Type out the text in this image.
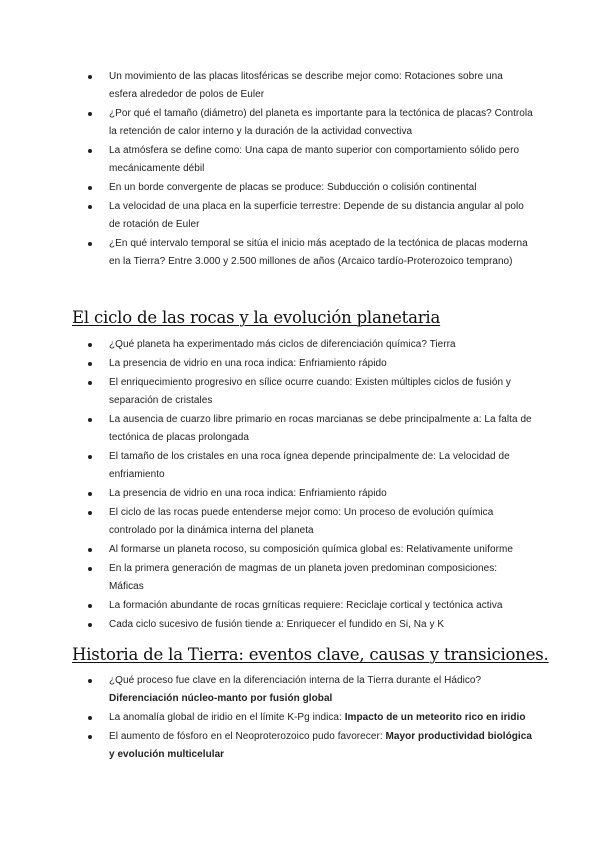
Un movimiento de las placas litosféricas se describe mejor como: Rotaciones sobre una esfera alrededor de polos de Euler
¿Por qué el tamaño (diámetro) del planeta es importante para la tectónica de placas? Controla la retención de calor interno y la duración de la actividad convectiva
La atmósfera se define como: Una capa de manto superior con comportamiento sólido pero mecánicamente débil
En un borde convergente de placas se produce: Subducción o colisión continental
La velocidad de una placa en la superficie terrestre: Depende de su distancia angular al polo de rotación de Euler
¿En qué intervalo temporal se sitúa el inicio más aceptado de la tectónica de placas moderna en la Tierra? Entre 3.000 y 2.500 millones de años (Arcaico tardío-Proterozoico temprano)
El ciclo de las rocas y la evolución planetaria
¿Qué planeta ha experimentado más ciclos de diferenciación química? Tierra
La presencia de vidrio en una roca indica: Enfriamiento rápido
El enriquecimiento progresivo en sílice ocurre cuando: Existen múltiples ciclos de fusión y separación de cristales
La ausencia de cuarzo libre primario en rocas marcianas se debe principalmente a: La falta de tectónica de placas prolongada
El tamaño de los cristales en una roca ígnea depende principalmente de: La velocidad de enfriamiento
La presencia de vidrio en una roca indica: Enfriamiento rápido
El ciclo de las rocas puede entenderse mejor como: Un proceso de evolución química controlado por la dinámica interna del planeta
Al formarse un planeta rocoso, su composición química global es: Relativamente uniforme
En la primera generación de magmas de un planeta joven predominan composiciones: Máficas
La formación abundante de rocas grníticas requiere: Reciclaje cortical y tectónica activa
Cada ciclo sucesivo de fusión tiende a: Enriquecer el fundido en Si, Na y K
Historia de la Tierra: eventos clave, causas y transiciones.
¿Qué proceso fue clave en la diferenciación interna de la Tierra durante el Hádico? Diferenciación núcleo-manto por fusión global
La anomalía global de iridio en el límite K-Pg indica: Impacto de un meteorito rico en iridio
El aumento de fósforo en el Neoproterozoico pudo favorecer: Mayor productividad biológica y evolución multicelular
